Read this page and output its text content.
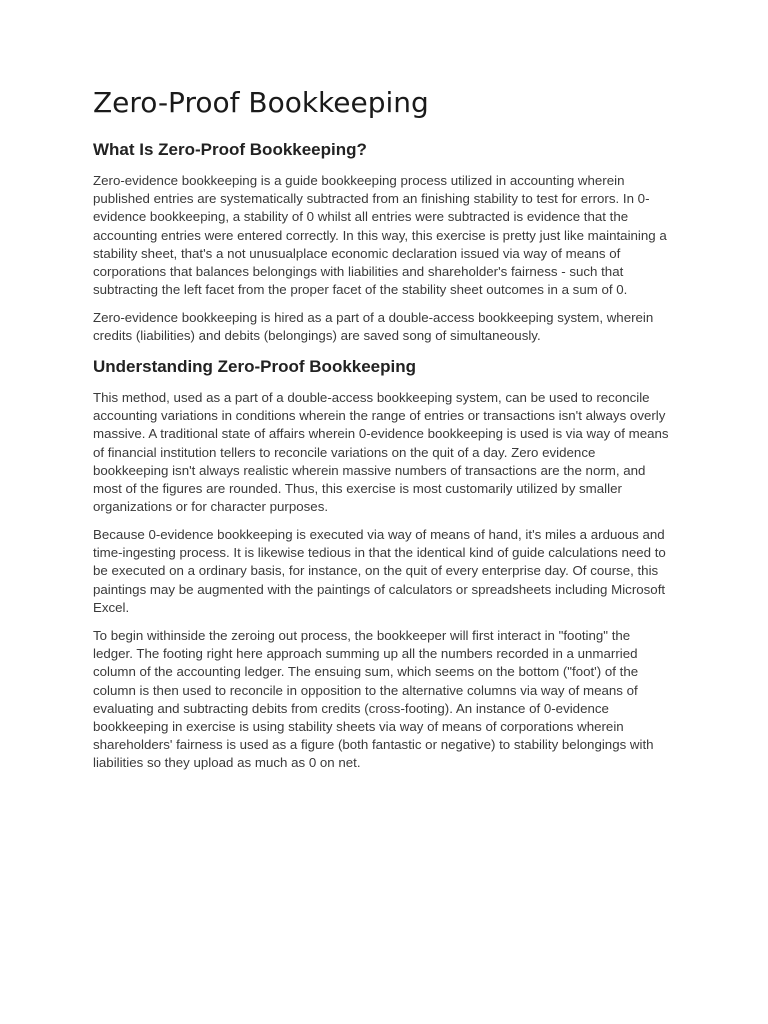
Zero-Proof Bookkeeping
What Is Zero-Proof Bookkeeping?

Zero-evidence bookkeeping is a guide bookkeeping process utilized in accounting wherein published entries are systematically subtracted from an finishing stability to test for errors. In 0-evidence bookkeeping, a stability of 0 whilst all entries were subtracted is evidence that the accounting entries were entered correctly. In this way, this exercise is pretty just like maintaining a stability sheet, that's a not unusualplace economic declaration issued via way of means of corporations that balances belongings with liabilities and shareholder's fairness - such that subtracting the left facet from the proper facet of the stability sheet outcomes in a sum of 0.

Zero-evidence bookkeeping is hired as a part of a double-access bookkeeping system, wherein credits (liabilities) and debits (belongings) are saved song of simultaneously.

Understanding Zero-Proof Bookkeeping

This method, used as a part of a double-access bookkeeping system, can be used to reconcile accounting variations in conditions wherein the range of entries or transactions isn't always overly massive. A traditional state of affairs wherein 0-evidence bookkeeping is used is via way of means of financial institution tellers to reconcile variations on the quit of a day. Zero evidence bookkeeping isn't always realistic wherein massive numbers of transactions are the norm, and most of the figures are rounded. Thus, this exercise is most customarily utilized by smaller organizations or for character purposes.

Because 0-evidence bookkeeping is executed via way of means of hand, it's miles a arduous and time-ingesting process. It is likewise tedious in that the identical kind of guide calculations need to be executed on a ordinary basis, for instance, on the quit of every enterprise day. Of course, this paintings may be augmented with the paintings of calculators or spreadsheets including Microsoft Excel.

To begin withinside the zeroing out process, the bookkeeper will first interact in "footing" the ledger. The footing right here approach summing up all the numbers recorded in a unmarried column of the accounting ledger. The ensuing sum, which seems on the bottom ("foot') of the column is then used to reconcile in opposition to the alternative columns via way of means of evaluating and subtracting debits from credits (cross-footing). An instance of 0-evidence bookkeeping in exercise is using stability sheets via way of means of corporations wherein shareholders' fairness is used as a figure (both fantastic or negative) to stability belongings with liabilities so they upload as much as 0 on net.
